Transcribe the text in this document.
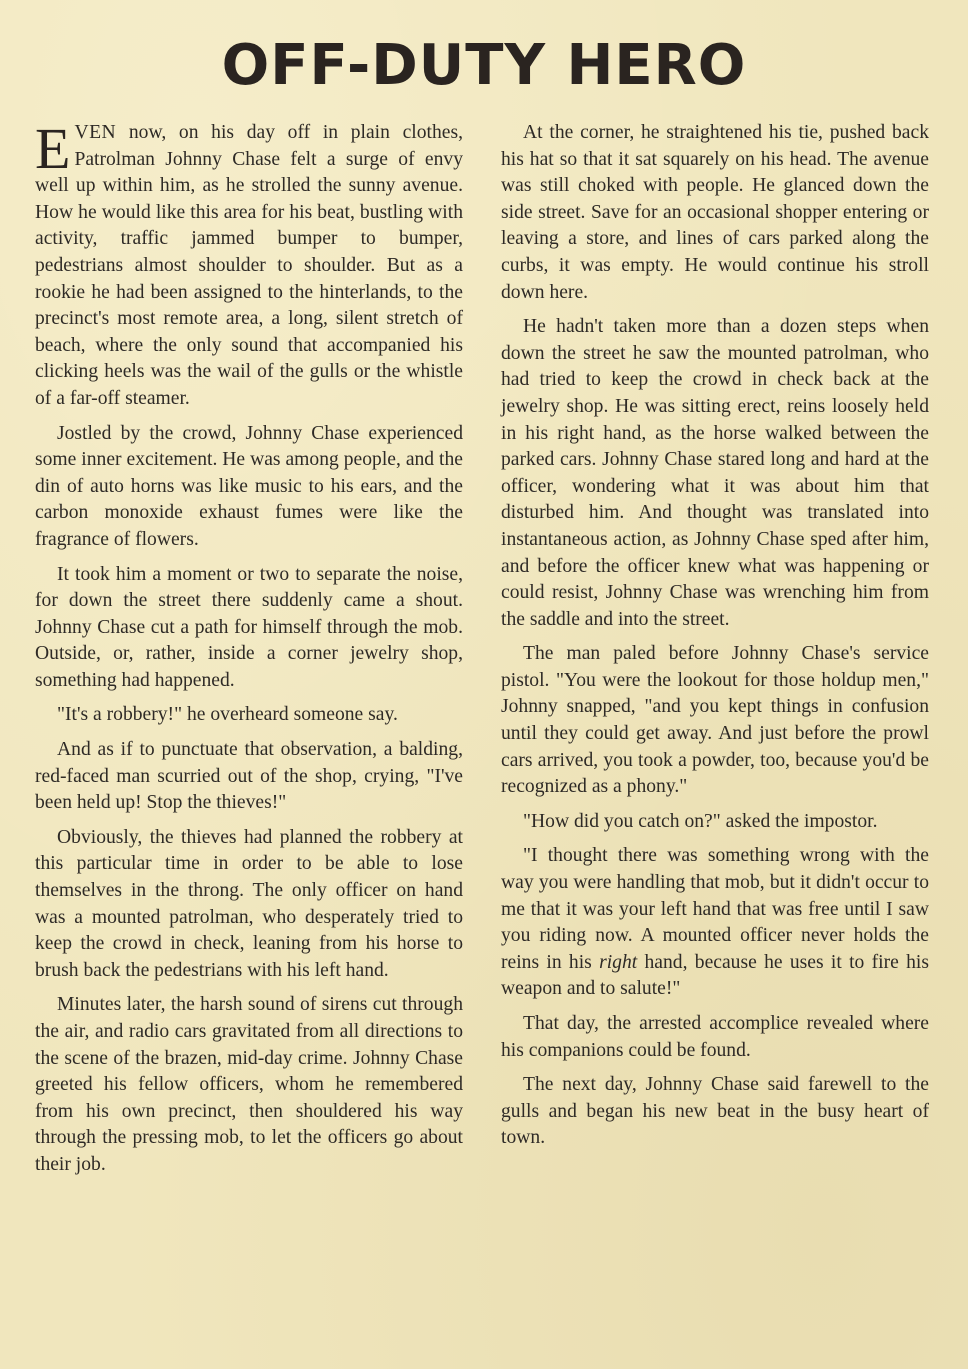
OFF-DUTY HERO

EVEN now, on his day off in plain clothes, Patrolman Johnny Chase felt a surge of envy well up within him, as he strolled the sunny avenue. How he would like this area for his beat, bustling with activity, traffic jammed bumper to bumper, pedestrians almost shoulder to shoulder. But as a rookie he had been assigned to the hinterlands, to the precinct's most remote area, a long, silent stretch of beach, where the only sound that accompanied his clicking heels was the wail of the gulls or the whistle of a far-off steamer.

Jostled by the crowd, Johnny Chase experienced some inner excitement. He was among people, and the din of auto horns was like music to his ears, and the carbon monoxide exhaust fumes were like the fragrance of flowers.

It took him a moment or two to separate the noise, for down the street there suddenly came a shout. Johnny Chase cut a path for himself through the mob. Outside, or, rather, inside a corner jewelry shop, something had happened.

"It's a robbery!" he overheard someone say.

And as if to punctuate that observation, a balding, red-faced man scurried out of the shop, crying, "I've been held up! Stop the thieves!"

Obviously, the thieves had planned the robbery at this particular time in order to be able to lose themselves in the throng. The only officer on hand was a mounted patrolman, who desperately tried to keep the crowd in check, leaning from his horse to brush back the pedestrians with his left hand.

Minutes later, the harsh sound of sirens cut through the air, and radio cars gravitated from all directions to the scene of the brazen, mid-day crime. Johnny Chase greeted his fellow officers, whom he remembered from his own precinct, then shouldered his way through the pressing mob, to let the officers go about their job.

At the corner, he straightened his tie, pushed back his hat so that it sat squarely on his head. The avenue was still choked with people. He glanced down the side street. Save for an occasional shopper entering or leaving a store, and lines of cars parked along the curbs, it was empty. He would continue his stroll down here.

He hadn't taken more than a dozen steps when down the street he saw the mounted patrolman, who had tried to keep the crowd in check back at the jewelry shop. He was sitting erect, reins loosely held in his right hand, as the horse walked between the parked cars. Johnny Chase stared long and hard at the officer, wondering what it was about him that disturbed him. And thought was translated into instantaneous action, as Johnny Chase sped after him, and before the officer knew what was happening or could resist, Johnny Chase was wrenching him from the saddle and into the street.

The man paled before Johnny Chase's service pistol. "You were the lookout for those holdup men," Johnny snapped, "and you kept things in confusion until they could get away. And just before the prowl cars arrived, you took a powder, too, because you'd be recognized as a phony."

"How did you catch on?" asked the impostor.

"I thought there was something wrong with the way you were handling that mob, but it didn't occur to me that it was your left hand that was free until I saw you riding now. A mounted officer never holds the reins in his right hand, because he uses it to fire his weapon and to salute!"

That day, the arrested accomplice revealed where his companions could be found.

The next day, Johnny Chase said farewell to the gulls and began his new beat in the busy heart of town.
